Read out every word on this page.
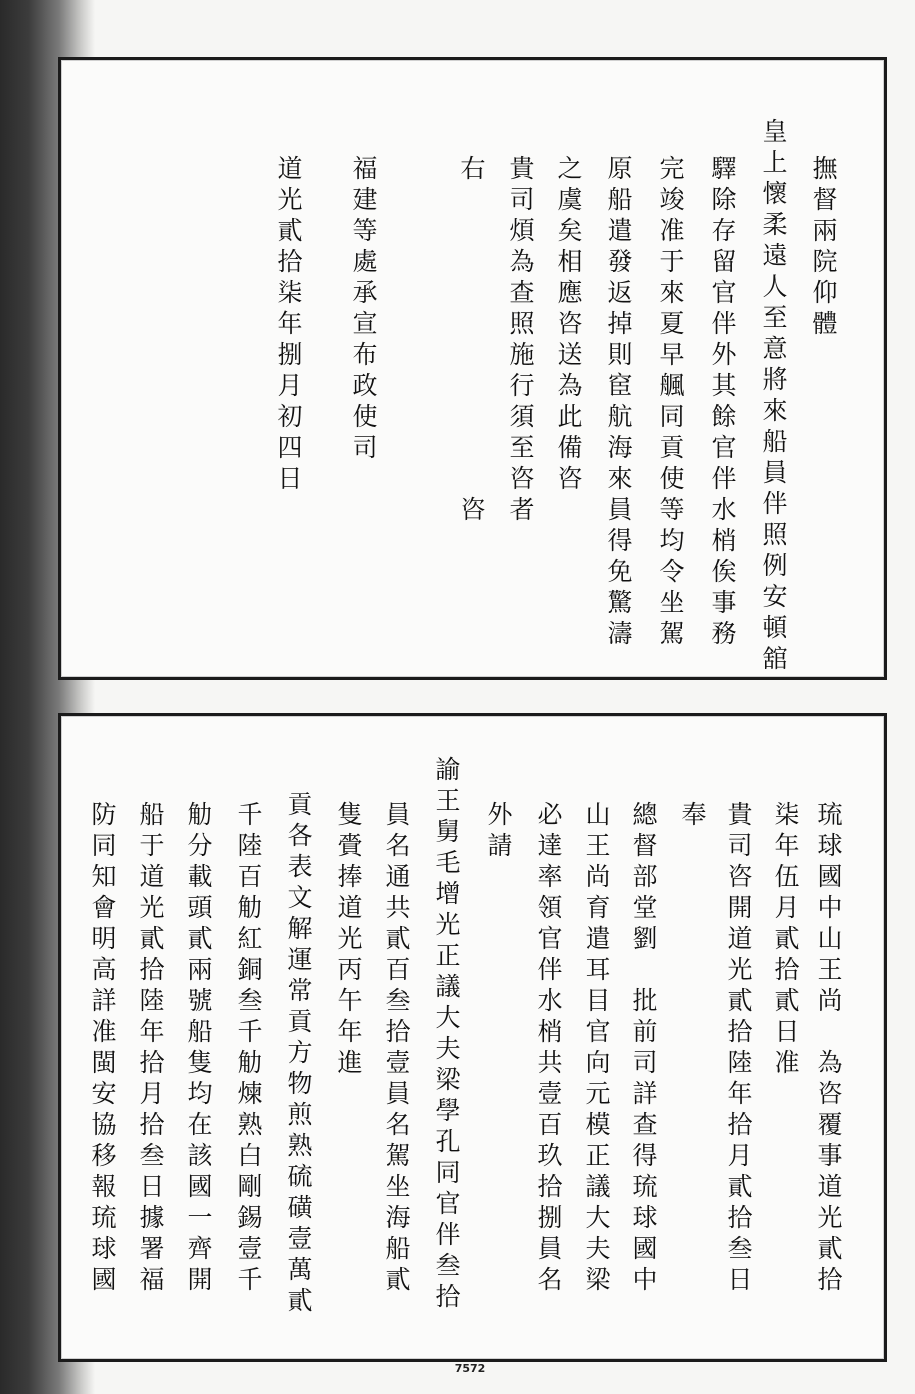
撫督兩院仰體
皇上懷柔遠人至意將來船員伴照例安頓舘
驛除存留官伴外其餘官伴水梢俟事務
完竣准于來夏早䑺同貢使等均令坐駕
原船遣發返掉則䆠航海來員得免驚濤
之虞矣相應咨送為此備咨
貴司煩為查照施行須至咨者
右　　　　　　　　　　咨
福建等處承宣布政使司
道光貳拾柒年捌月初四日
琉球國中山王尚　為咨覆事道光貳拾
柒年伍月貳拾貳日准
貴司咨開道光貳拾陸年拾月貳拾叁日
奉
總督部堂劉　批前司詳查得琉球國中
山王尚育遣耳目官向元模正議大夫梁
必達率領官伴水梢共壹百玖拾捌員名
外請
諭王舅毛增光正議大夫梁學孔同官伴叁拾
員名通共貳百叁拾壹員名駕坐海船貳
隻賫捧道光丙午年進
貢各表文解運常貢方物煎熟硫磺壹萬貳
千陸百觔紅銅叁千觔煉熟白剛錫壹千
觔分載頭貳兩號船隻均在該國一齊開
船于道光貳拾陸年拾月拾叁日據署福
防同知會明高詳准閩安協移報琉球國
7572
